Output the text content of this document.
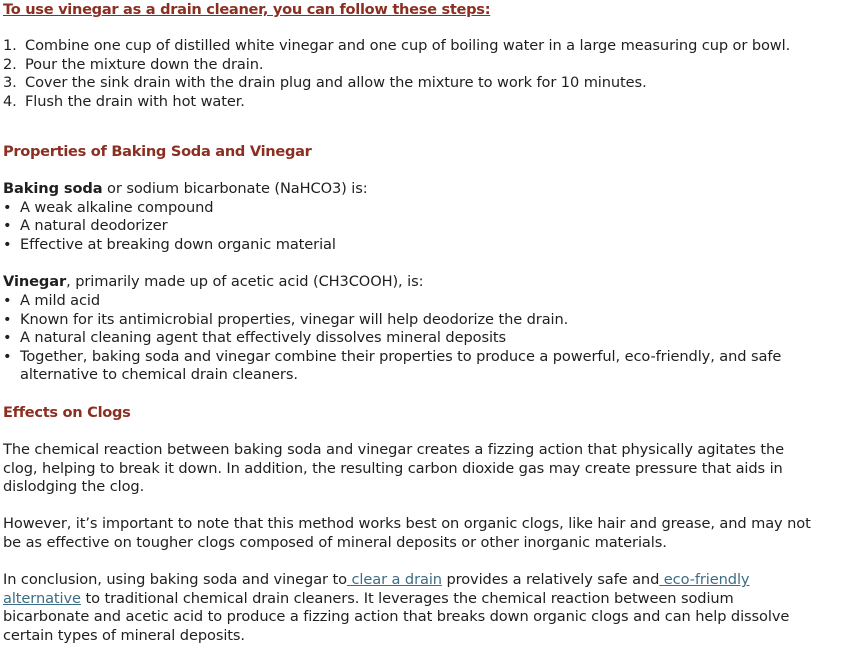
To use vinegar as a drain cleaner, you can follow these steps:

1. Combine one cup of distilled white vinegar and one cup of boiling water in a large measuring cup or bowl.

2. Pour the mixture down the drain.

3. Cover the sink drain with the drain plug and allow the mixture to work for 10 minutes.

4. Flush the drain with hot water.

Properties of Baking Soda and Vinegar

Baking soda or sodium bicarbonate (NaHCO3) is:

• A weak alkaline compound

• A natural deodorizer

• Effective at breaking down organic material

Vinegar, primarily made up of acetic acid (CH3COOH), is:

• A mild acid

• Known for its antimicrobial properties, vinegar will help deodorize the drain.

• A natural cleaning agent that effectively dissolves mineral deposits

• Together, baking soda and vinegar combine their properties to produce a powerful, eco-friendly, and safe

alternative to chemical drain cleaners.

Effects on Clogs

The chemical reaction between baking soda and vinegar creates a fizzing action that physically agitates the

clog, helping to break it down. In addition, the resulting carbon dioxide gas may create pressure that aids in

dislodging the clog.

However, it’s important to note that this method works best on organic clogs, like hair and grease, and may not

be as effective on tougher clogs composed of mineral deposits or other inorganic materials.

In conclusion, using baking soda and vinegar to clear a drain provides a relatively safe and eco-friendly

alternative to traditional chemical drain cleaners. It leverages the chemical reaction between sodium

bicarbonate and acetic acid to produce a fizzing action that breaks down organic clogs and can help dissolve

certain types of mineral deposits.
